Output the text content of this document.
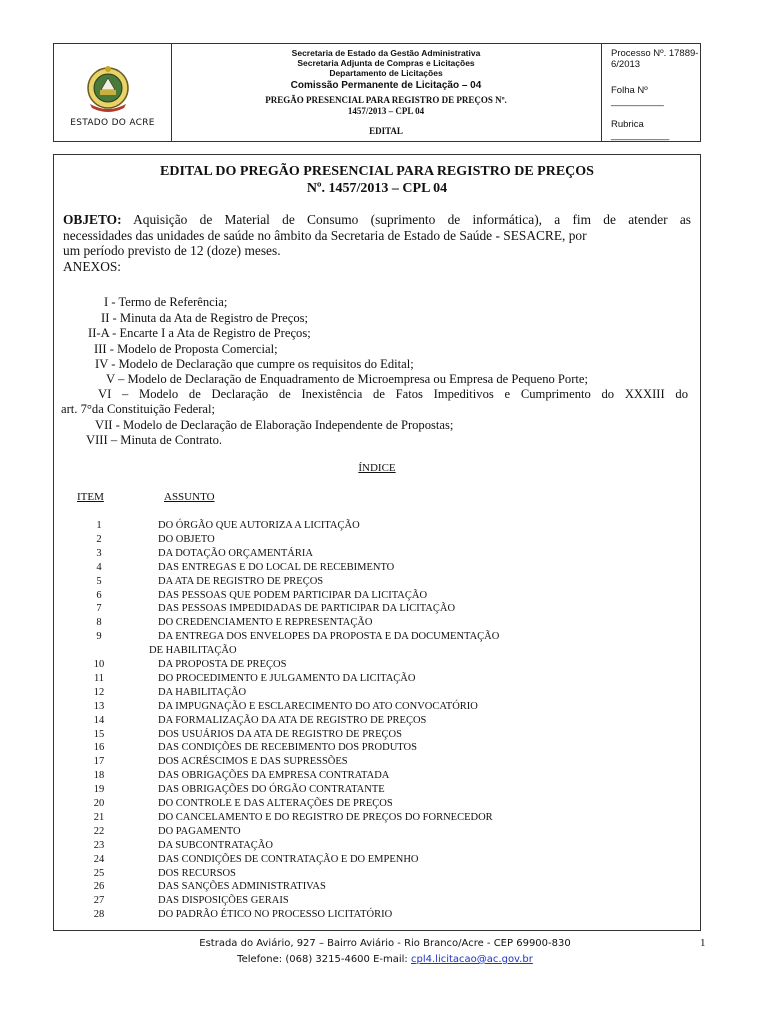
ESTADO DO ACRE
Secretaria de Estado da Gestão Administrativa
Secretaria Adjunta de Compras e Licitações
Departamento de Licitações
Comissão Permanente de Licitação – 04
PREGÃO PRESENCIAL PARA REGISTRO DE PREÇOS Nº.
1457/2013 – CPL 04
EDITAL
Processo Nº. 17889-6/2013
Folha Nº __________
Rubrica ___________
EDITAL DO PREGÃO PRESENCIAL PARA REGISTRO DE PREÇOS
Nº. 1457/2013 – CPL 04
OBJETO: Aquisição de Material de Consumo (suprimento de informática), a fim de atender as
necessidades das unidades de saúde no âmbito da Secretaria de Estado de Saúde - SESACRE, por
um período previsto de 12 (doze) meses.
ANEXOS:
I - Termo de Referência;
II - Minuta da Ata de Registro de Preços;
II-A - Encarte I a Ata de Registro de Preços;
III - Modelo de Proposta Comercial;
IV - Modelo de Declaração que cumpre os requisitos do Edital;
V – Modelo de Declaração de Enquadramento de Microempresa ou Empresa de Pequeno Porte;
VI – Modelo de Declaração de Inexistência de Fatos Impeditivos e Cumprimento do XXXIII do
art. 7°da Constituição Federal;
VII - Modelo de Declaração de Elaboração Independente de Propostas;
VIII – Minuta de Contrato.
ÍNDICE
ITEM	ASSUNTO
1	DO ÓRGÃO QUE AUTORIZA A LICITAÇÃO
2	DO OBJETO
3	DA DOTAÇÃO ORÇAMENTÁRIA
4	DAS ENTREGAS E DO LOCAL DE RECEBIMENTO
5	DA ATA DE REGISTRO DE PREÇOS
6	DAS PESSOAS QUE PODEM PARTICIPAR DA LICITAÇÃO
7	DAS PESSOAS IMPEDIDADAS DE PARTICIPAR DA LICITAÇÃO
8	DO CREDENCIAMENTO E REPRESENTAÇÃO
9	DA ENTREGA DOS ENVELOPES DA PROPOSTA E DA DOCUMENTAÇÃO
DE HABILITAÇÃO
10	DA PROPOSTA DE PREÇOS
11	DO PROCEDIMENTO E JULGAMENTO DA LICITAÇÃO
12	DA HABILITAÇÃO
13	DA IMPUGNAÇÃO E ESCLARECIMENTO DO ATO CONVOCATÓRIO
14	DA FORMALIZAÇÃO DA ATA DE REGISTRO DE PREÇOS
15	DOS USUÁRIOS DA ATA DE REGISTRO DE PREÇOS
16	DAS CONDIÇÕES DE RECEBIMENTO DOS PRODUTOS
17	DOS ACRÉSCIMOS E DAS SUPRESSÕES
18	DAS OBRIGAÇÕES DA EMPRESA CONTRATADA
19	DAS OBRIGAÇÕES DO ÓRGÃO CONTRATANTE
20	DO CONTROLE E DAS ALTERAÇÕES DE PREÇOS
21	DO CANCELAMENTO E DO REGISTRO DE PREÇOS DO FORNECEDOR
22	DO PAGAMENTO
23	DA SUBCONTRATAÇÃO
24	DAS CONDIÇÕES DE CONTRATAÇÃO E DO EMPENHO
25	DOS RECURSOS
26	DAS SANÇÕES ADMINISTRATIVAS
27	DAS DISPOSIÇÕES GERAIS
28	DO PADRÃO ÉTICO NO PROCESSO LICITATÓRIO
Estrada do Aviário, 927 – Bairro Aviário - Rio Branco/Acre - CEP 69900-830
Telefone: (068) 3215-4600 E-mail: cpl4.licitacao@ac.gov.br
1
